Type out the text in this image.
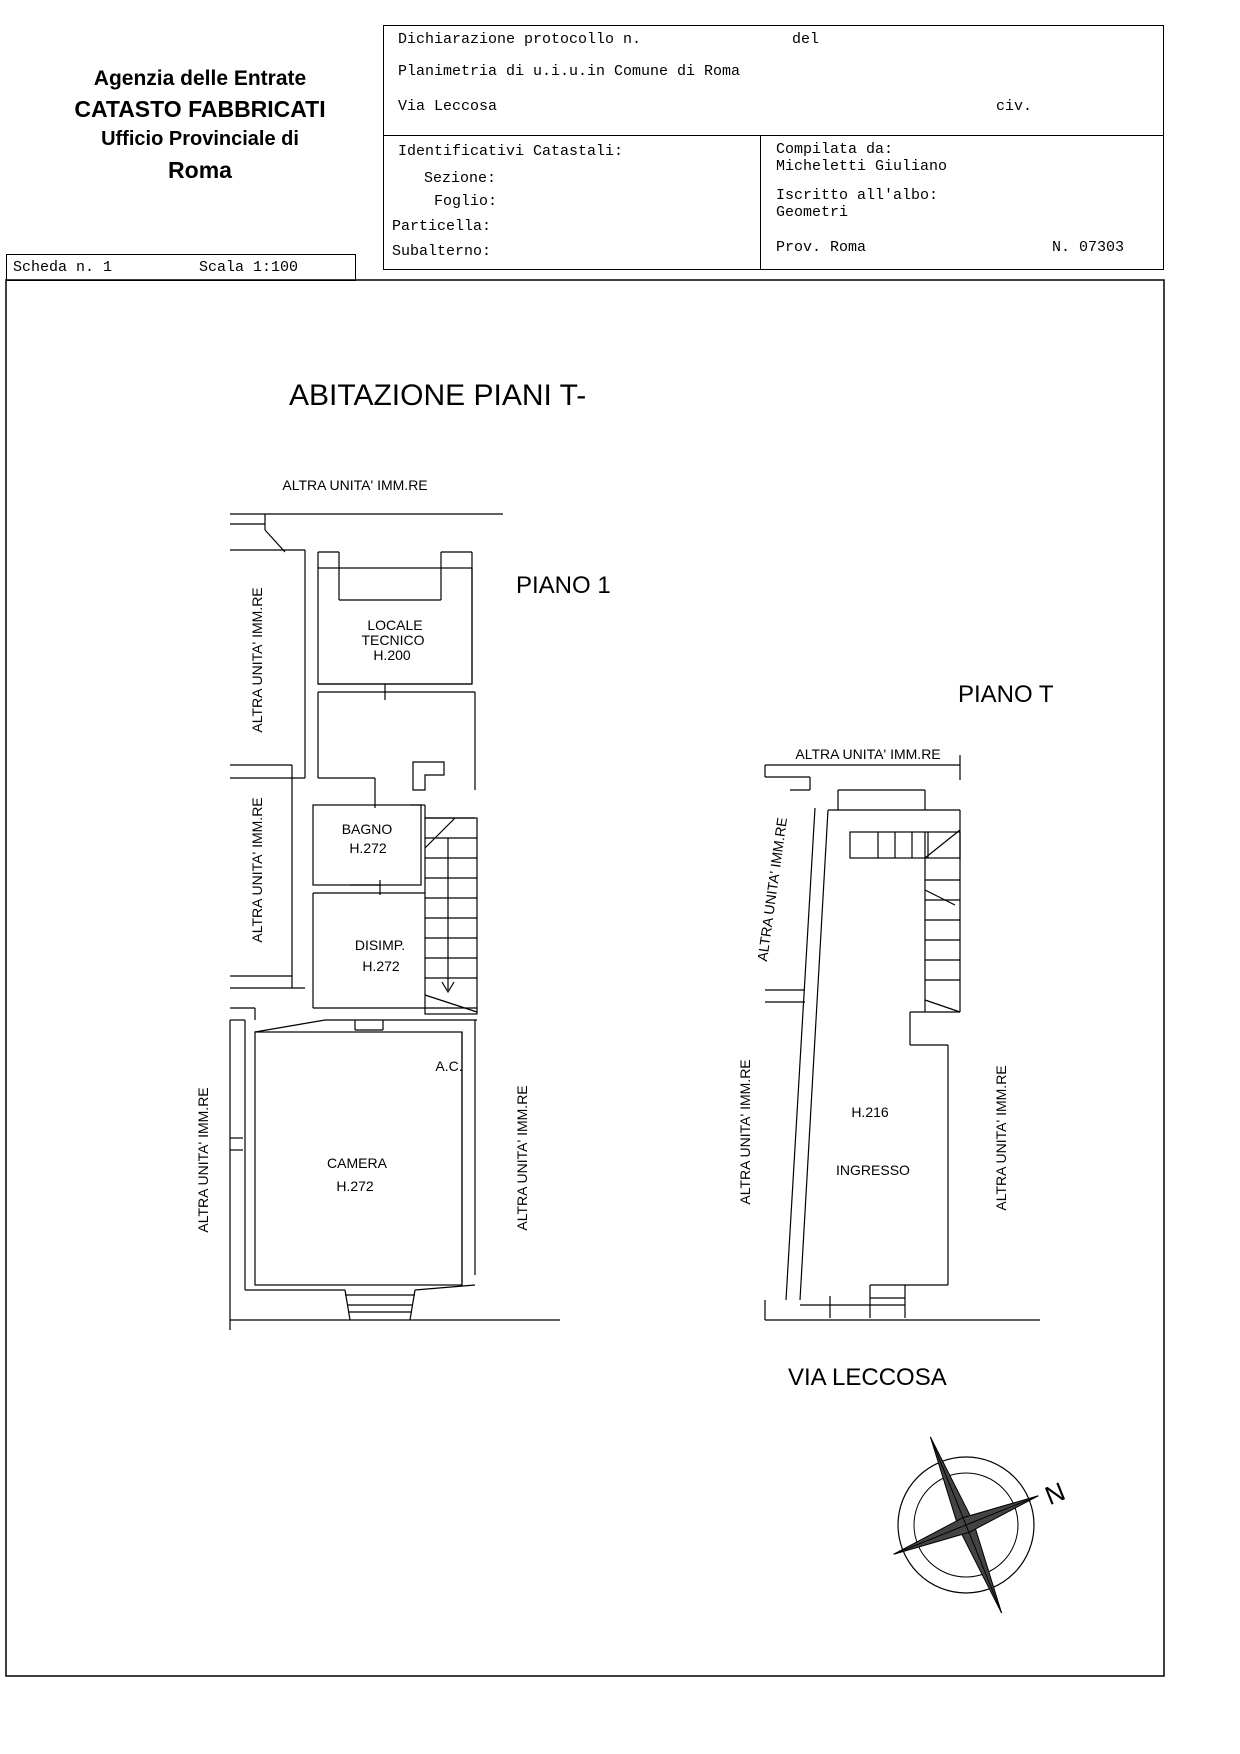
Agenzia delle Entrate
CATASTO FABBRICATI
Ufficio Provinciale di
Roma
Dichiarazione protocollo n.	del
Planimetria di u.i.u.in Comune di Roma
Via Leccosa	civ.
Identificativi Catastali:
Sezione:
Foglio:
Particella:
Subalterno:
Compilata da:
Micheletti Giuliano
Iscritto all'albo:
Geometri
Prov. Roma	N. 07303
Scheda n. 1	Scala 1:100
ABITAZIONE PIANI T-
PIANO 1
PIANO T
VIA LECCOSA
LOCALE
TECNICO
H.200
BAGNO
H.272
DISIMP.
H.272
A.C.
CAMERA
H.272
ALTRA UNITA' IMM.RE
ALTRA UNITA' IMM.RE
ALTRA UNITA' IMM.RE
ALTRA UNITA' IMM.RE	ALTRA UNITA' IMM.RE	H.216
INGRESSO
ALTRA UNITA' IMM.RE
ALTRA UNITA' IMM.RE
ALTRA UNITA' IMM.RE	ALTRA UNITA' IMM.RE
N
